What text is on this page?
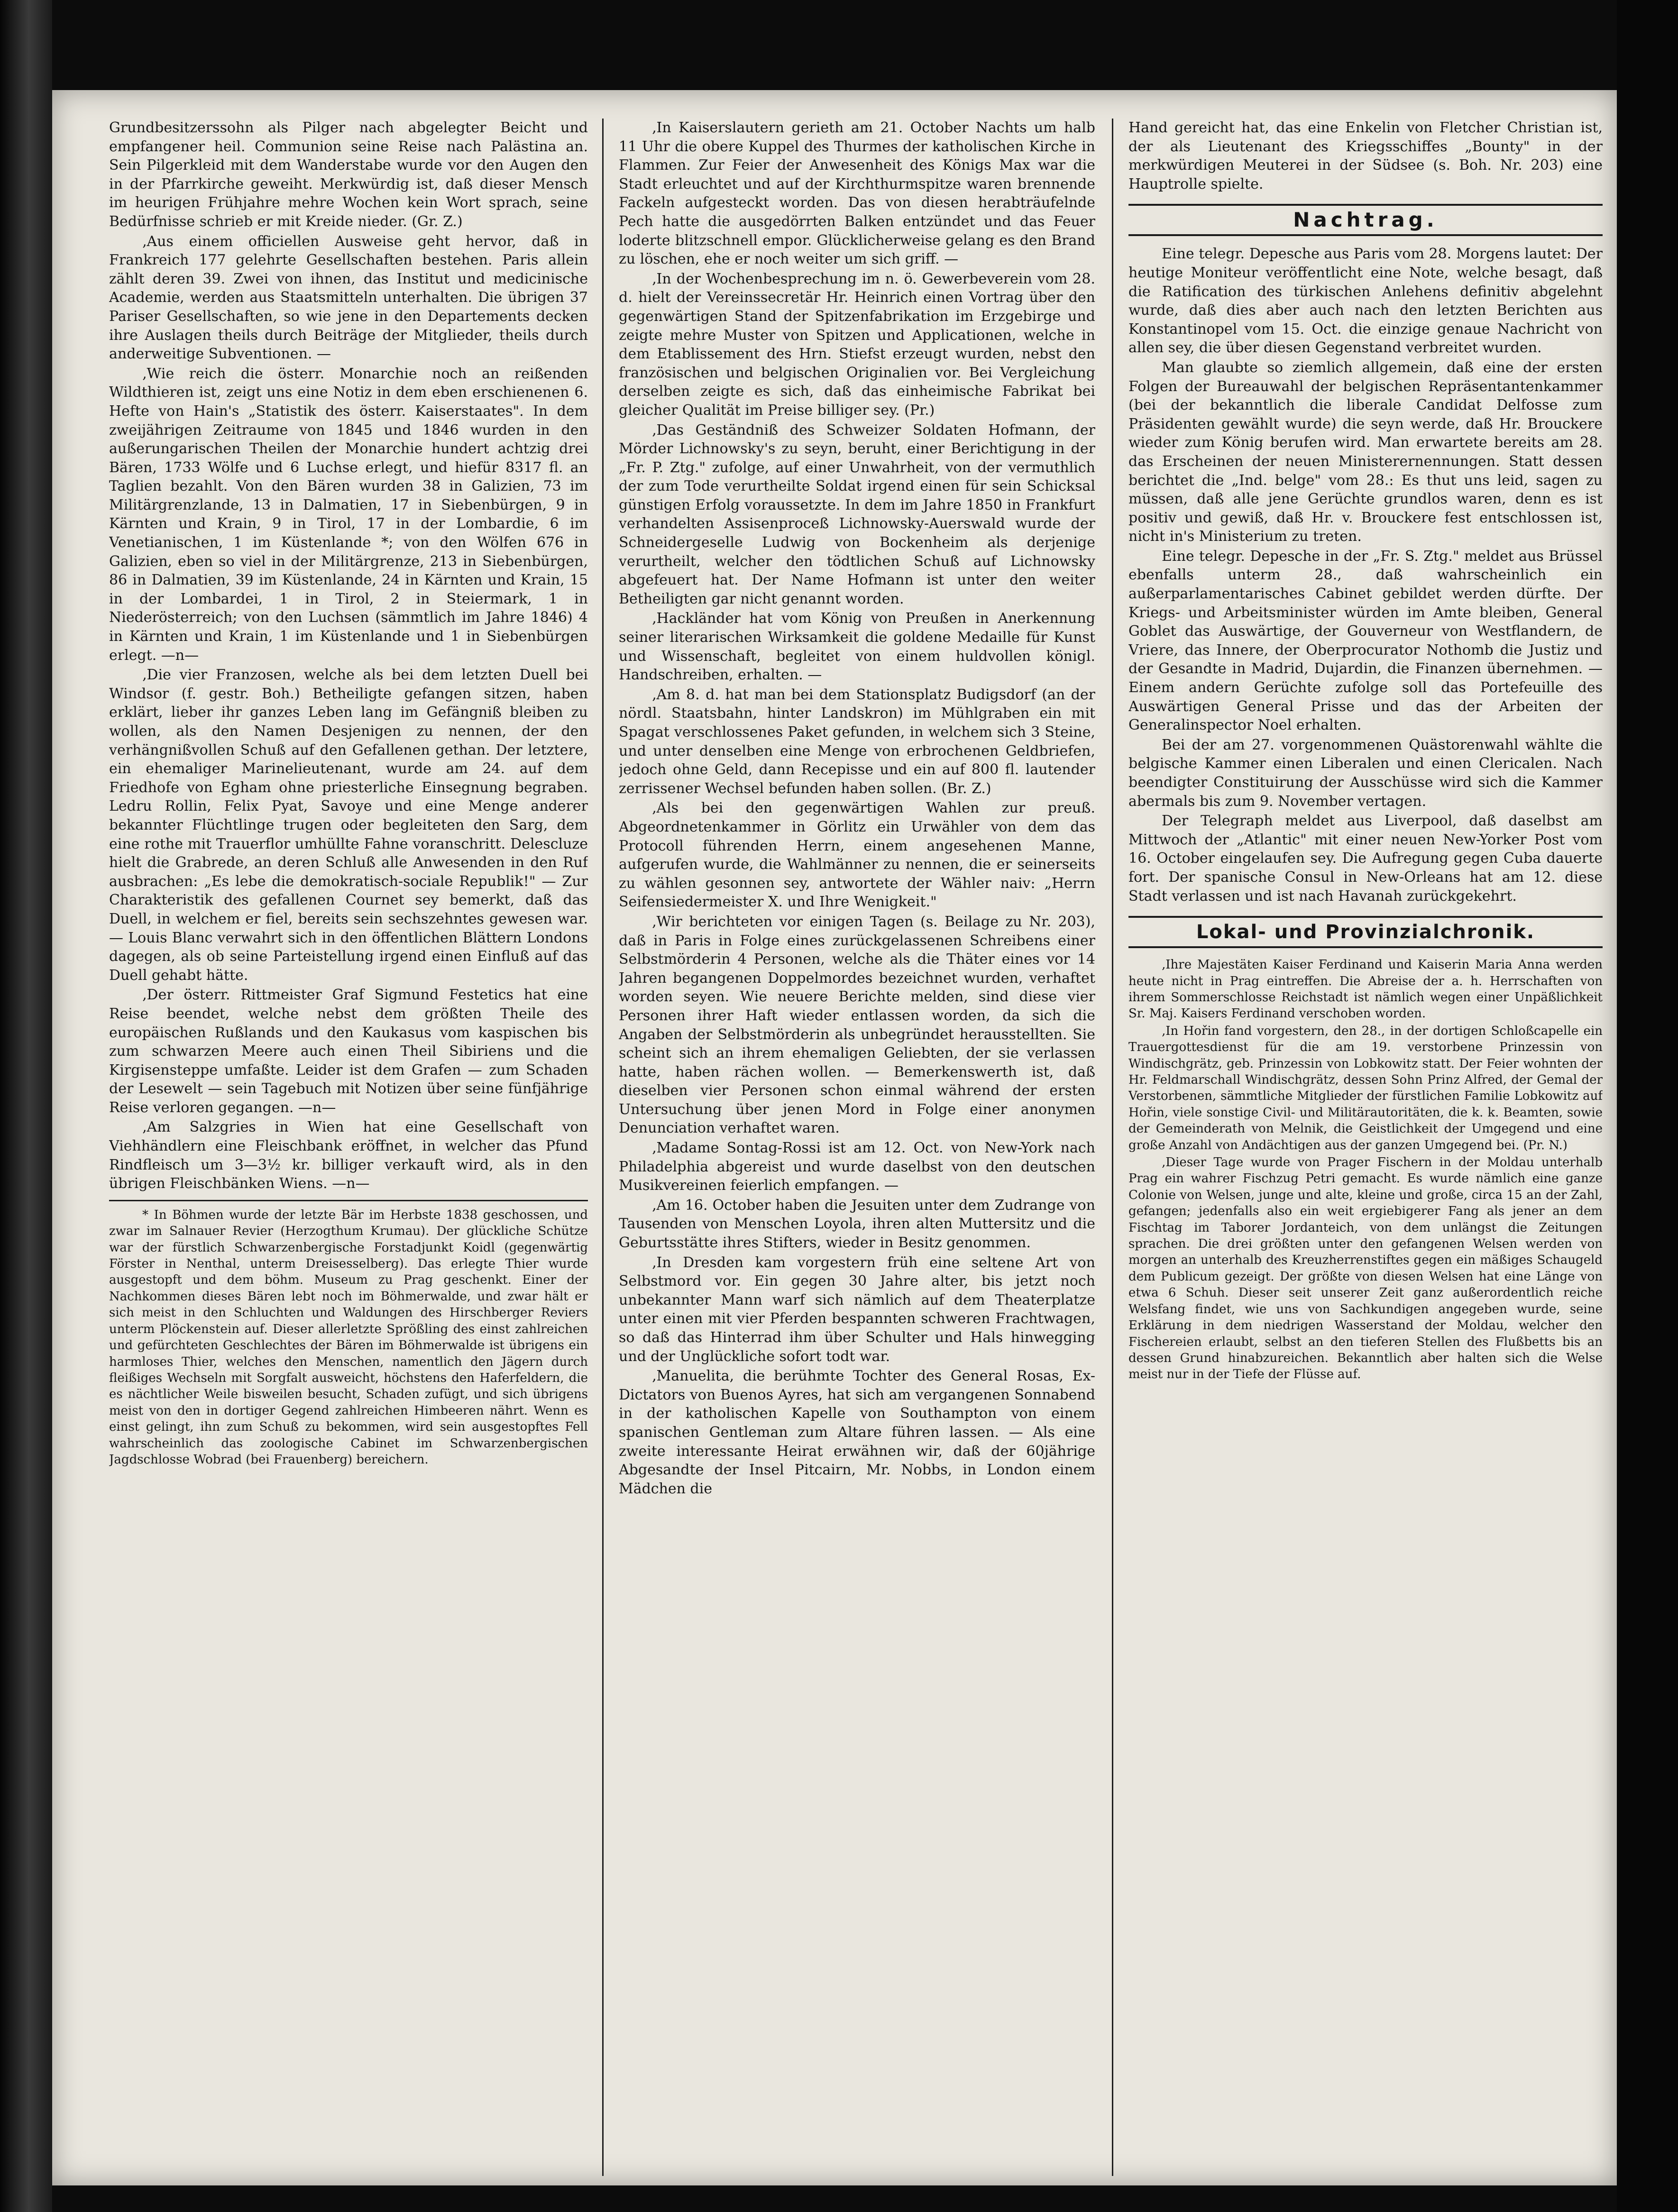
Grundbesitzerssohn als Pilger nach abgelegter Beicht und empfangener heil. Communion seine Reise nach Palästina an. Sein Pilgerkleid mit dem Wanderstabe wurde vor den Augen den in der Pfarrkirche geweiht. Merkwürdig ist, daß dieser Mensch im heurigen Frühjahre mehre Wochen kein Wort sprach, seine Bedürfnisse schrieb er mit Kreide nieder. (Gr. Z.)

‚Aus einem officiellen Ausweise geht hervor, daß in Frankreich 177 gelehrte Gesellschaften bestehen. Paris allein zählt deren 39. Zwei von ihnen, das Institut und medicinische Academie, werden aus Staatsmitteln unterhalten. Die übrigen 37 Pariser Gesellschaften, so wie jene in den Departements decken ihre Auslagen theils durch Beiträge der Mitglieder, theils durch anderweitige Subventionen. —

‚Wie reich die österr. Monarchie noch an reißenden Wildthieren ist, zeigt uns eine Notiz in dem eben erschienenen 6. Hefte von Hain's „Statistik des österr. Kaiserstaates". In dem zweijährigen Zeitraume von 1845 und 1846 wurden in den außerungarischen Theilen der Monarchie hundert achtzig drei Bären, 1733 Wölfe und 6 Luchse erlegt, und hiefür 8317 fl. an Taglien bezahlt. Von den Bären wurden 38 in Galizien, 73 im Militärgrenzlande, 13 in Dalmatien, 17 in Siebenbürgen, 9 in Kärnten und Krain, 9 in Tirol, 17 in der Lombardie, 6 im Venetianischen, 1 im Küstenlande *; von den Wölfen 676 in Galizien, eben so viel in der Militärgrenze, 213 in Siebenbürgen, 86 in Dalmatien, 39 im Küstenlande, 24 in Kärnten und Krain, 15 in der Lombardei, 1 in Tirol, 2 in Steiermark, 1 in Niederösterreich; von den Luchsen (sämmtlich im Jahre 1846) 4 in Kärnten und Krain, 1 im Küstenlande und 1 in Siebenbürgen erlegt. —n—

‚Die vier Franzosen, welche als bei dem letzten Duell bei Windsor (f. gestr. Boh.) Betheiligte gefangen sitzen, haben erklärt, lieber ihr ganzes Leben lang im Gefängniß bleiben zu wollen, als den Namen Desjenigen zu nennen, der den verhängnißvollen Schuß auf den Gefallenen gethan. Der letztere, ein ehemaliger Marinelieutenant, wurde am 24. auf dem Friedhofe von Egham ohne priesterliche Einsegnung begraben. Ledru Rollin, Felix Pyat, Savoye und eine Menge anderer bekannter Flüchtlinge trugen oder begleiteten den Sarg, dem eine rothe mit Trauerflor umhüllte Fahne voranschritt. Delescluze hielt die Grabrede, an deren Schluß alle Anwesenden in den Ruf ausbrachen: „Es lebe die demokratisch-sociale Republik!" — Zur Charakteristik des gefallenen Cournet sey bemerkt, daß das Duell, in welchem er fiel, bereits sein sechszehntes gewesen war. — Louis Blanc verwahrt sich in den öffentlichen Blättern Londons dagegen, als ob seine Parteistellung irgend einen Einfluß auf das Duell gehabt hätte.

‚Der österr. Rittmeister Graf Sigmund Festetics hat eine Reise beendet, welche nebst dem größten Theile des europäischen Rußlands und den Kaukasus vom kaspischen bis zum schwarzen Meere auch einen Theil Sibiriens und die Kirgisensteppe umfaßte. Leider ist dem Grafen — zum Schaden der Lesewelt — sein Tagebuch mit Notizen über seine fünfjährige Reise verloren gegangen. —n—

‚Am Salzgries in Wien hat eine Gesellschaft von Viehhändlern eine Fleischbank eröffnet, in welcher das Pfund Rindfleisch um 3—3½ kr. billiger verkauft wird, als in den übrigen Fleischbänken Wiens. —n—

* In Böhmen wurde der letzte Bär im Herbste 1838 geschossen, und zwar im Salnauer Revier (Herzogthum Krumau). Der glückliche Schütze war der fürstlich Schwarzenbergische Forstadjunkt Koidl (gegenwärtig Förster in Nenthal, unterm Dreisesselberg). Das erlegte Thier wurde ausgestopft und dem böhm. Museum zu Prag geschenkt. Einer der Nachkommen dieses Bären lebt noch im Böhmerwalde, und zwar hält er sich meist in den Schluchten und Waldungen des Hirschberger Reviers unterm Plöckenstein auf. Dieser allerletzte Sprößling des einst zahlreichen und gefürchteten Geschlechtes der Bären im Böhmerwalde ist übrigens ein harmloses Thier, welches den Menschen, namentlich den Jägern durch fleißiges Wechseln mit Sorgfalt ausweicht, höchstens den Haferfeldern, die es nächtlicher Weile bisweilen besucht, Schaden zufügt, und sich übrigens meist von den in dortiger Gegend zahlreichen Himbeeren nährt. Wenn es einst gelingt, ihn zum Schuß zu bekommen, wird sein ausgestopftes Fell wahrscheinlich das zoologische Cabinet im Schwarzenbergischen Jagdschlosse Wobrad (bei Frauenberg) bereichern.

‚In Kaiserslautern gerieth am 21. October Nachts um halb 11 Uhr die obere Kuppel des Thurmes der katholischen Kirche in Flammen. Zur Feier der Anwesenheit des Königs Max war die Stadt erleuchtet und auf der Kirchthurmspitze waren brennende Fackeln aufgesteckt worden. Das von diesen herabträufelnde Pech hatte die ausgedörrten Balken entzündet und das Feuer loderte blitzschnell empor. Glücklicherweise gelang es den Brand zu löschen, ehe er noch weiter um sich griff. —

‚In der Wochenbesprechung im n. ö. Gewerbeverein vom 28. d. hielt der Vereinssecretär Hr. Heinrich einen Vortrag über den gegenwärtigen Stand der Spitzenfabrikation im Erzgebirge und zeigte mehre Muster von Spitzen und Applicationen, welche in dem Etablissement des Hrn. Stiefst erzeugt wurden, nebst den französischen und belgischen Originalien vor. Bei Vergleichung derselben zeigte es sich, daß das einheimische Fabrikat bei gleicher Qualität im Preise billiger sey. (Pr.)

‚Das Geständniß des Schweizer Soldaten Hofmann, der Mörder Lichnowsky's zu seyn, beruht, einer Berichtigung in der „Fr. P. Ztg." zufolge, auf einer Unwahrheit, von der vermuthlich der zum Tode verurtheilte Soldat irgend einen für sein Schicksal günstigen Erfolg voraussetzte. In dem im Jahre 1850 in Frankfurt verhandelten Assisenproceß Lichnowsky-Auerswald wurde der Schneidergeselle Ludwig von Bockenheim als derjenige verurtheilt, welcher den tödtlichen Schuß auf Lichnowsky abgefeuert hat. Der Name Hofmann ist unter den weiter Betheiligten gar nicht genannt worden.

‚Hackländer hat vom König von Preußen in Anerkennung seiner literarischen Wirksamkeit die goldene Medaille für Kunst und Wissenschaft, begleitet von einem huldvollen königl. Handschreiben, erhalten. —

‚Am 8. d. hat man bei dem Stationsplatz Budigsdorf (an der nördl. Staatsbahn, hinter Landskron) im Mühlgraben ein mit Spagat verschlossenes Paket gefunden, in welchem sich 3 Steine, und unter denselben eine Menge von erbrochenen Geldbriefen, jedoch ohne Geld, dann Recepisse und ein auf 800 fl. lautender zerrissener Wechsel befunden haben sollen. (Br. Z.)

‚Als bei den gegenwärtigen Wahlen zur preuß. Abgeordnetenkammer in Görlitz ein Urwähler von dem das Protocoll führenden Herrn, einem angesehenen Manne, aufgerufen wurde, die Wahlmänner zu nennen, die er seinerseits zu wählen gesonnen sey, antwortete der Wähler naiv: „Herrn Seifensiedermeister X. und Ihre Wenigkeit."

‚Wir berichteten vor einigen Tagen (s. Beilage zu Nr. 203), daß in Paris in Folge eines zurückgelassenen Schreibens einer Selbstmörderin 4 Personen, welche als die Thäter eines vor 14 Jahren begangenen Doppelmordes bezeichnet wurden, verhaftet worden seyen. Wie neuere Berichte melden, sind diese vier Personen ihrer Haft wieder entlassen worden, da sich die Angaben der Selbstmörderin als unbegründet herausstellten. Sie scheint sich an ihrem ehemaligen Geliebten, der sie verlassen hatte, haben rächen wollen. — Bemerkenswerth ist, daß dieselben vier Personen schon einmal während der ersten Untersuchung über jenen Mord in Folge einer anonymen Denunciation verhaftet waren.

‚Madame Sontag-Rossi ist am 12. Oct. von New-York nach Philadelphia abgereist und wurde daselbst von den deutschen Musikvereinen feierlich empfangen. —

‚Am 16. October haben die Jesuiten unter dem Zudrange von Tausenden von Menschen Loyola, ihren alten Muttersitz und die Geburtsstätte ihres Stifters, wieder in Besitz genommen.

‚In Dresden kam vorgestern früh eine seltene Art von Selbstmord vor. Ein gegen 30 Jahre alter, bis jetzt noch unbekannter Mann warf sich nämlich auf dem Theaterplatze unter einen mit vier Pferden bespannten schweren Frachtwagen, so daß das Hinterrad ihm über Schulter und Hals hinwegging und der Unglückliche sofort todt war.

‚Manuelita, die berühmte Tochter des General Rosas, Ex-Dictators von Buenos Ayres, hat sich am vergangenen Sonnabend in der katholischen Kapelle von Southampton von einem spanischen Gentleman zum Altare führen lassen. — Als eine zweite interessante Heirat erwähnen wir, daß der 60jährige Abgesandte der Insel Pitcairn, Mr. Nobbs, in London einem Mädchen die

Hand gereicht hat, das eine Enkelin von Fletcher Christian ist, der als Lieutenant des Kriegsschiffes „Bounty" in der merkwürdigen Meuterei in der Südsee (s. Boh. Nr. 203) eine Hauptrolle spielte.

Nachtrag.

Eine telegr. Depesche aus Paris vom 28. Morgens lautet: Der heutige Moniteur veröffentlicht eine Note, welche besagt, daß die Ratification des türkischen Anlehens definitiv abgelehnt wurde, daß dies aber auch nach den letzten Berichten aus Konstantinopel vom 15. Oct. die einzige genaue Nachricht von allen sey, die über diesen Gegenstand verbreitet wurden.

Man glaubte so ziemlich allgemein, daß eine der ersten Folgen der Bureauwahl der belgischen Repräsentantenkammer (bei der bekanntlich die liberale Candidat Delfosse zum Präsidenten gewählt wurde) die seyn werde, daß Hr. Brouckere wieder zum König berufen wird. Man erwartete bereits am 28. das Erscheinen der neuen Ministerernennungen. Statt dessen berichtet die „Ind. belge" vom 28.: Es thut uns leid, sagen zu müssen, daß alle jene Gerüchte grundlos waren, denn es ist positiv und gewiß, daß Hr. v. Brouckere fest entschlossen ist, nicht in's Ministerium zu treten.

Eine telegr. Depesche in der „Fr. S. Ztg." meldet aus Brüssel ebenfalls unterm 28., daß wahrscheinlich ein außerparlamentarisches Cabinet gebildet werden dürfte. Der Kriegs- und Arbeitsminister würden im Amte bleiben, General Goblet das Auswärtige, der Gouverneur von Westflandern, de Vriere, das Innere, der Oberprocurator Nothomb die Justiz und der Gesandte in Madrid, Dujardin, die Finanzen übernehmen. — Einem andern Gerüchte zufolge soll das Portefeuille des Auswärtigen General Prisse und das der Arbeiten der Generalinspector Noel erhalten.

Bei der am 27. vorgenommenen Quästorenwahl wählte die belgische Kammer einen Liberalen und einen Clericalen. Nach beendigter Constituirung der Ausschüsse wird sich die Kammer abermals bis zum 9. November vertagen.

Der Telegraph meldet aus Liverpool, daß daselbst am Mittwoch der „Atlantic" mit einer neuen New-Yorker Post vom 16. October eingelaufen sey. Die Aufregung gegen Cuba dauerte fort. Der spanische Consul in New-Orleans hat am 12. diese Stadt verlassen und ist nach Havanah zurückgekehrt.

Lokal- und Provinzialchronik.

‚Ihre Majestäten Kaiser Ferdinand und Kaiserin Maria Anna werden heute nicht in Prag eintreffen. Die Abreise der a. h. Herrschaften von ihrem Sommerschlosse Reichstadt ist nämlich wegen einer Unpäßlichkeit Sr. Maj. Kaisers Ferdinand verschoben worden.

‚In Hořin fand vorgestern, den 28., in der dortigen Schloßcapelle ein Trauergottesdienst für die am 19. verstorbene Prinzessin von Windischgrätz, geb. Prinzessin von Lobkowitz statt. Der Feier wohnten der Hr. Feldmarschall Windischgrätz, dessen Sohn Prinz Alfred, der Gemal der Verstorbenen, sämmtliche Mitglieder der fürstlichen Familie Lobkowitz auf Hořin, viele sonstige Civil- und Militärautoritäten, die k. k. Beamten, sowie der Gemeinderath von Melnik, die Geistlichkeit der Umgegend und eine große Anzahl von Andächtigen aus der ganzen Umgegend bei. (Pr. N.)

‚Dieser Tage wurde von Prager Fischern in der Moldau unterhalb Prag ein wahrer Fischzug Petri gemacht. Es wurde nämlich eine ganze Colonie von Welsen, junge und alte, kleine und große, circa 15 an der Zahl, gefangen; jedenfalls also ein weit ergiebigerer Fang als jener an dem Fischtag im Taborer Jordanteich, von dem unlängst die Zeitungen sprachen. Die drei größten unter den gefangenen Welsen werden von morgen an unterhalb des Kreuzherrenstiftes gegen ein mäßiges Schaugeld dem Publicum gezeigt. Der größte von diesen Welsen hat eine Länge von etwa 6 Schuh. Dieser seit unserer Zeit ganz außerordentlich reiche Welsfang findet, wie uns von Sachkundigen angegeben wurde, seine Erklärung in dem niedrigen Wasserstand der Moldau, welcher den Fischereien erlaubt, selbst an den tieferen Stellen des Flußbetts bis an dessen Grund hinabzureichen. Bekanntlich aber halten sich die Welse meist nur in der Tiefe der Flüsse auf.
